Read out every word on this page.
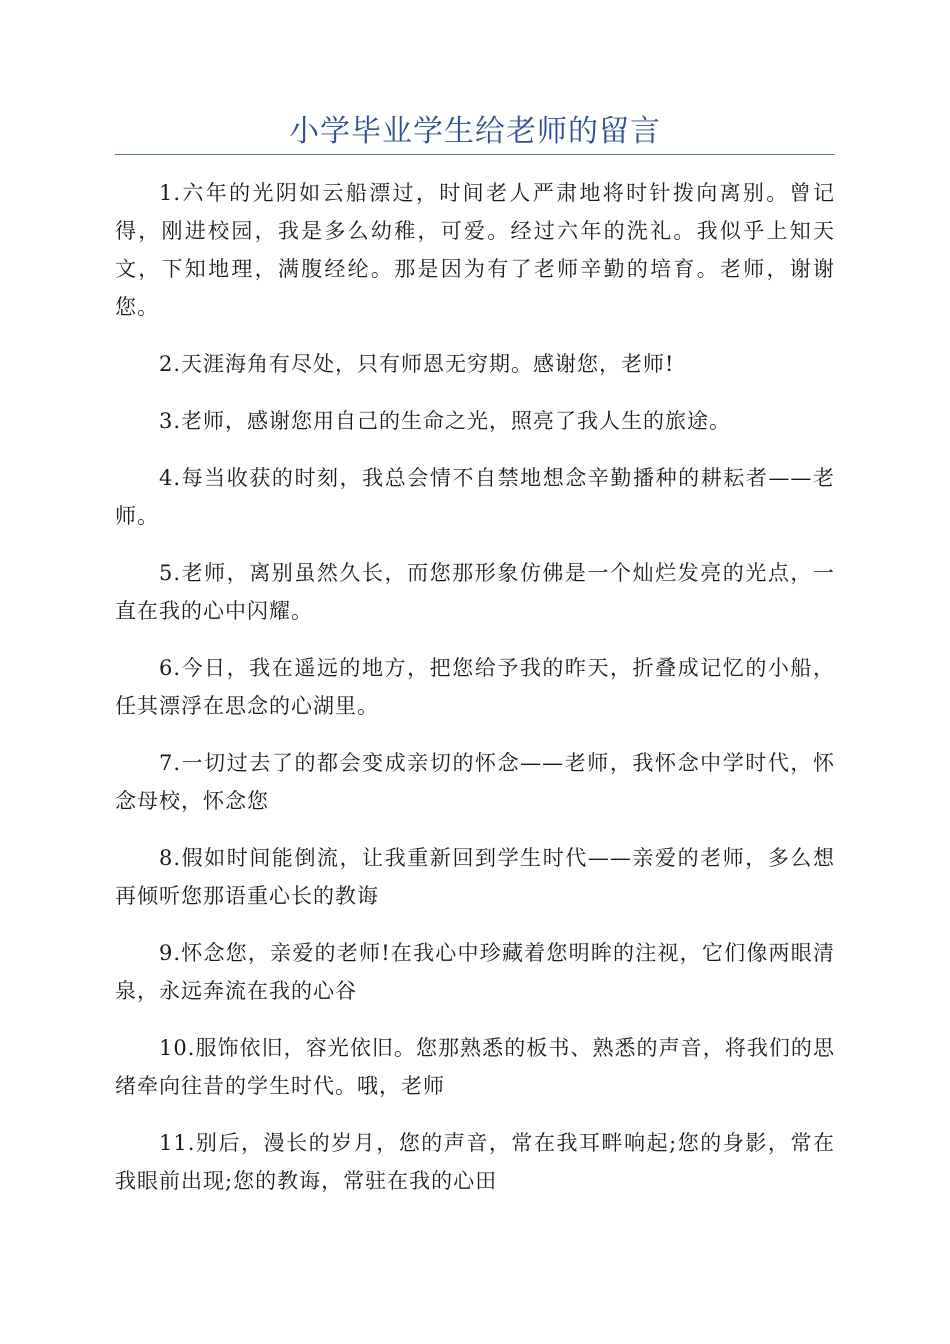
小学毕业学生给老师的留言

1.六年的光阴如云船漂过，时间老人严肃地将时针拨向离别。曾记得，刚进校园，我是多么幼稚，可爱。经过六年的洗礼。我似乎上知天文，下知地理，满腹经纶。那是因为有了老师辛勤的培育。老师，谢谢您。

2.天涯海角有尽处，只有师恩无穷期。感谢您，老师!

3.老师，感谢您用自己的生命之光，照亮了我人生的旅途。

4.每当收获的时刻，我总会情不自禁地想念辛勤播种的耕耘者——老师。

5.老师，离别虽然久长，而您那形象仿佛是一个灿烂发亮的光点，一直在我的心中闪耀。

6.今日，我在遥远的地方，把您给予我的昨天，折叠成记忆的小船，任其漂浮在思念的心湖里。

7.一切过去了的都会变成亲切的怀念——老师，我怀念中学时代，怀念母校，怀念您

8.假如时间能倒流，让我重新回到学生时代——亲爱的老师，多么想再倾听您那语重心长的教诲

9.怀念您，亲爱的老师!在我心中珍藏着您明眸的注视，它们像两眼清泉，永远奔流在我的心谷

10.服饰依旧，容光依旧。您那熟悉的板书、熟悉的声音，将我们的思绪牵向往昔的学生时代。哦，老师

11.别后，漫长的岁月，您的声音，常在我耳畔响起;您的身影，常在我眼前出现;您的教诲，常驻在我的心田
